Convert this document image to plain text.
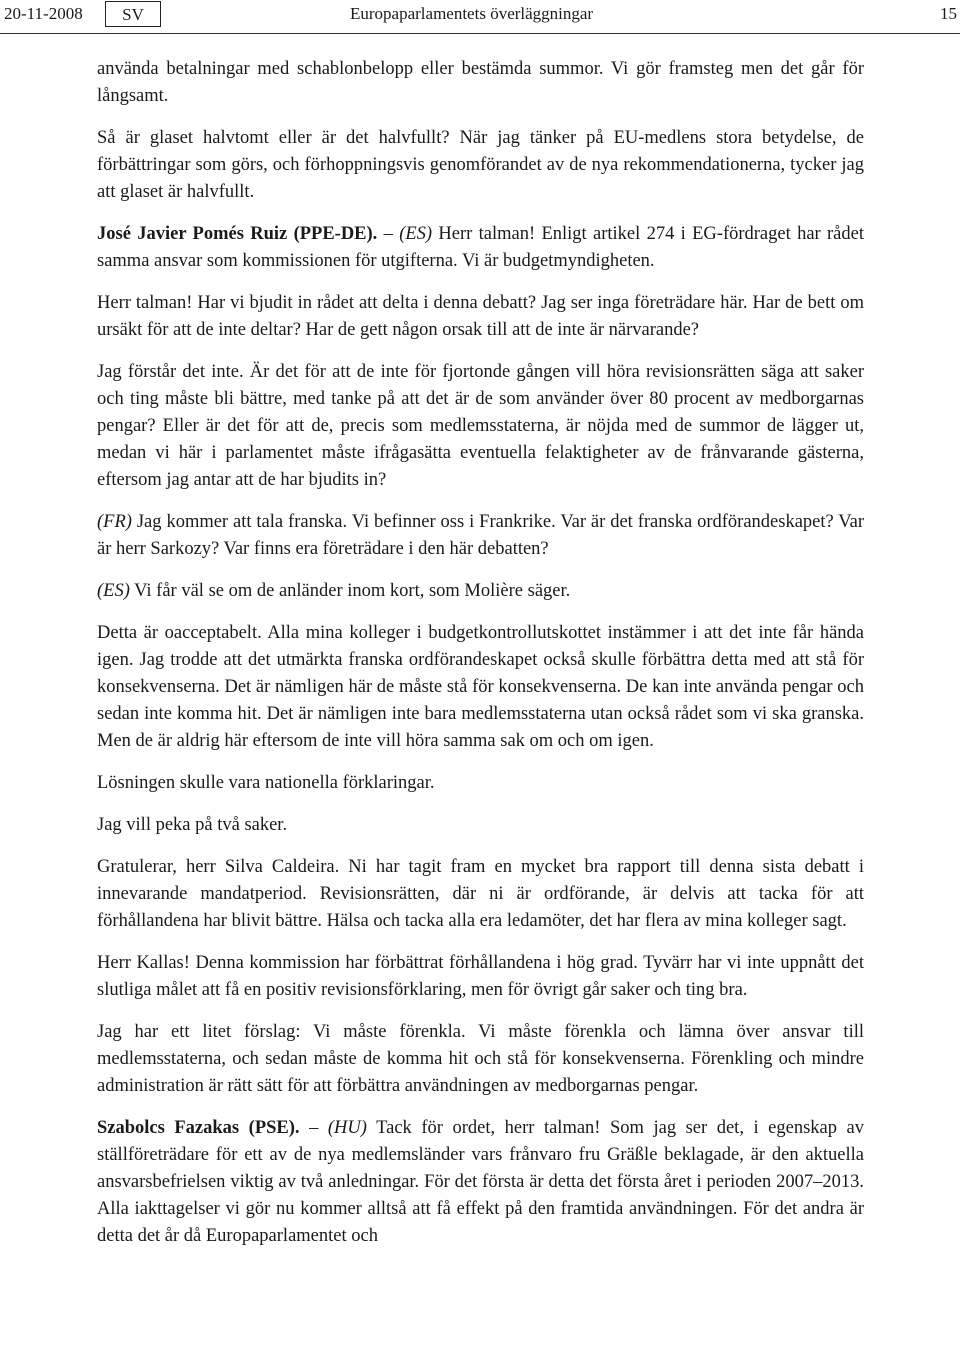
20-11-2008	SV	Europaparlamentets överläggningar	15

använda betalningar med schablonbelopp eller bestämda summor. Vi gör framsteg men det går för långsamt.

Så är glaset halvtomt eller är det halvfullt? När jag tänker på EU-medlens stora betydelse, de förbättringar som görs, och förhoppningsvis genomförandet av de nya rekommendationerna, tycker jag att glaset är halvfullt.

José Javier Pomés Ruiz (PPE-DE). – (ES) Herr talman! Enligt artikel 274 i EG-fördraget har rådet samma ansvar som kommissionen för utgifterna. Vi är budgetmyndigheten.

Herr talman! Har vi bjudit in rådet att delta i denna debatt? Jag ser inga företrädare här. Har de bett om ursäkt för att de inte deltar? Har de gett någon orsak till att de inte är närvarande?

Jag förstår det inte. Är det för att de inte för fjortonde gången vill höra revisionsrätten säga att saker och ting måste bli bättre, med tanke på att det är de som använder över 80 procent av medborgarnas pengar? Eller är det för att de, precis som medlemsstaterna, är nöjda med de summor de lägger ut, medan vi här i parlamentet måste ifrågasätta eventuella felaktigheter av de frånvarande gästerna, eftersom jag antar att de har bjudits in?

(FR) Jag kommer att tala franska. Vi befinner oss i Frankrike. Var är det franska ordförandeskapet? Var är herr Sarkozy? Var finns era företrädare i den här debatten?

(ES) Vi får väl se om de anländer inom kort, som Molière säger.

Detta är oacceptabelt. Alla mina kolleger i budgetkontrollutskottet instämmer i att det inte får hända igen. Jag trodde att det utmärkta franska ordförandeskapet också skulle förbättra detta med att stå för konsekvenserna. Det är nämligen här de måste stå för konsekvenserna. De kan inte använda pengar och sedan inte komma hit. Det är nämligen inte bara medlemsstaterna utan också rådet som vi ska granska. Men de är aldrig här eftersom de inte vill höra samma sak om och om igen.

Lösningen skulle vara nationella förklaringar.

Jag vill peka på två saker.

Gratulerar, herr Silva Caldeira. Ni har tagit fram en mycket bra rapport till denna sista debatt i innevarande mandatperiod. Revisionsrätten, där ni är ordförande, är delvis att tacka för att förhållandena har blivit bättre. Hälsa och tacka alla era ledamöter, det har flera av mina kolleger sagt.

Herr Kallas! Denna kommission har förbättrat förhållandena i hög grad. Tyvärr har vi inte uppnått det slutliga målet att få en positiv revisionsförklaring, men för övrigt går saker och ting bra.

Jag har ett litet förslag: Vi måste förenkla. Vi måste förenkla och lämna över ansvar till medlemsstaterna, och sedan måste de komma hit och stå för konsekvenserna. Förenkling och mindre administration är rätt sätt för att förbättra användningen av medborgarnas pengar.

Szabolcs Fazakas (PSE). – (HU) Tack för ordet, herr talman! Som jag ser det, i egenskap av ställföreträdare för ett av de nya medlemsländer vars frånvaro fru Gräßle beklagade, är den aktuella ansvarsbefrielsen viktig av två anledningar. För det första är detta det första året i perioden 2007–2013. Alla iakttagelser vi gör nu kommer alltså att få effekt på den framtida användningen. För det andra är detta det år då Europaparlamentet och
